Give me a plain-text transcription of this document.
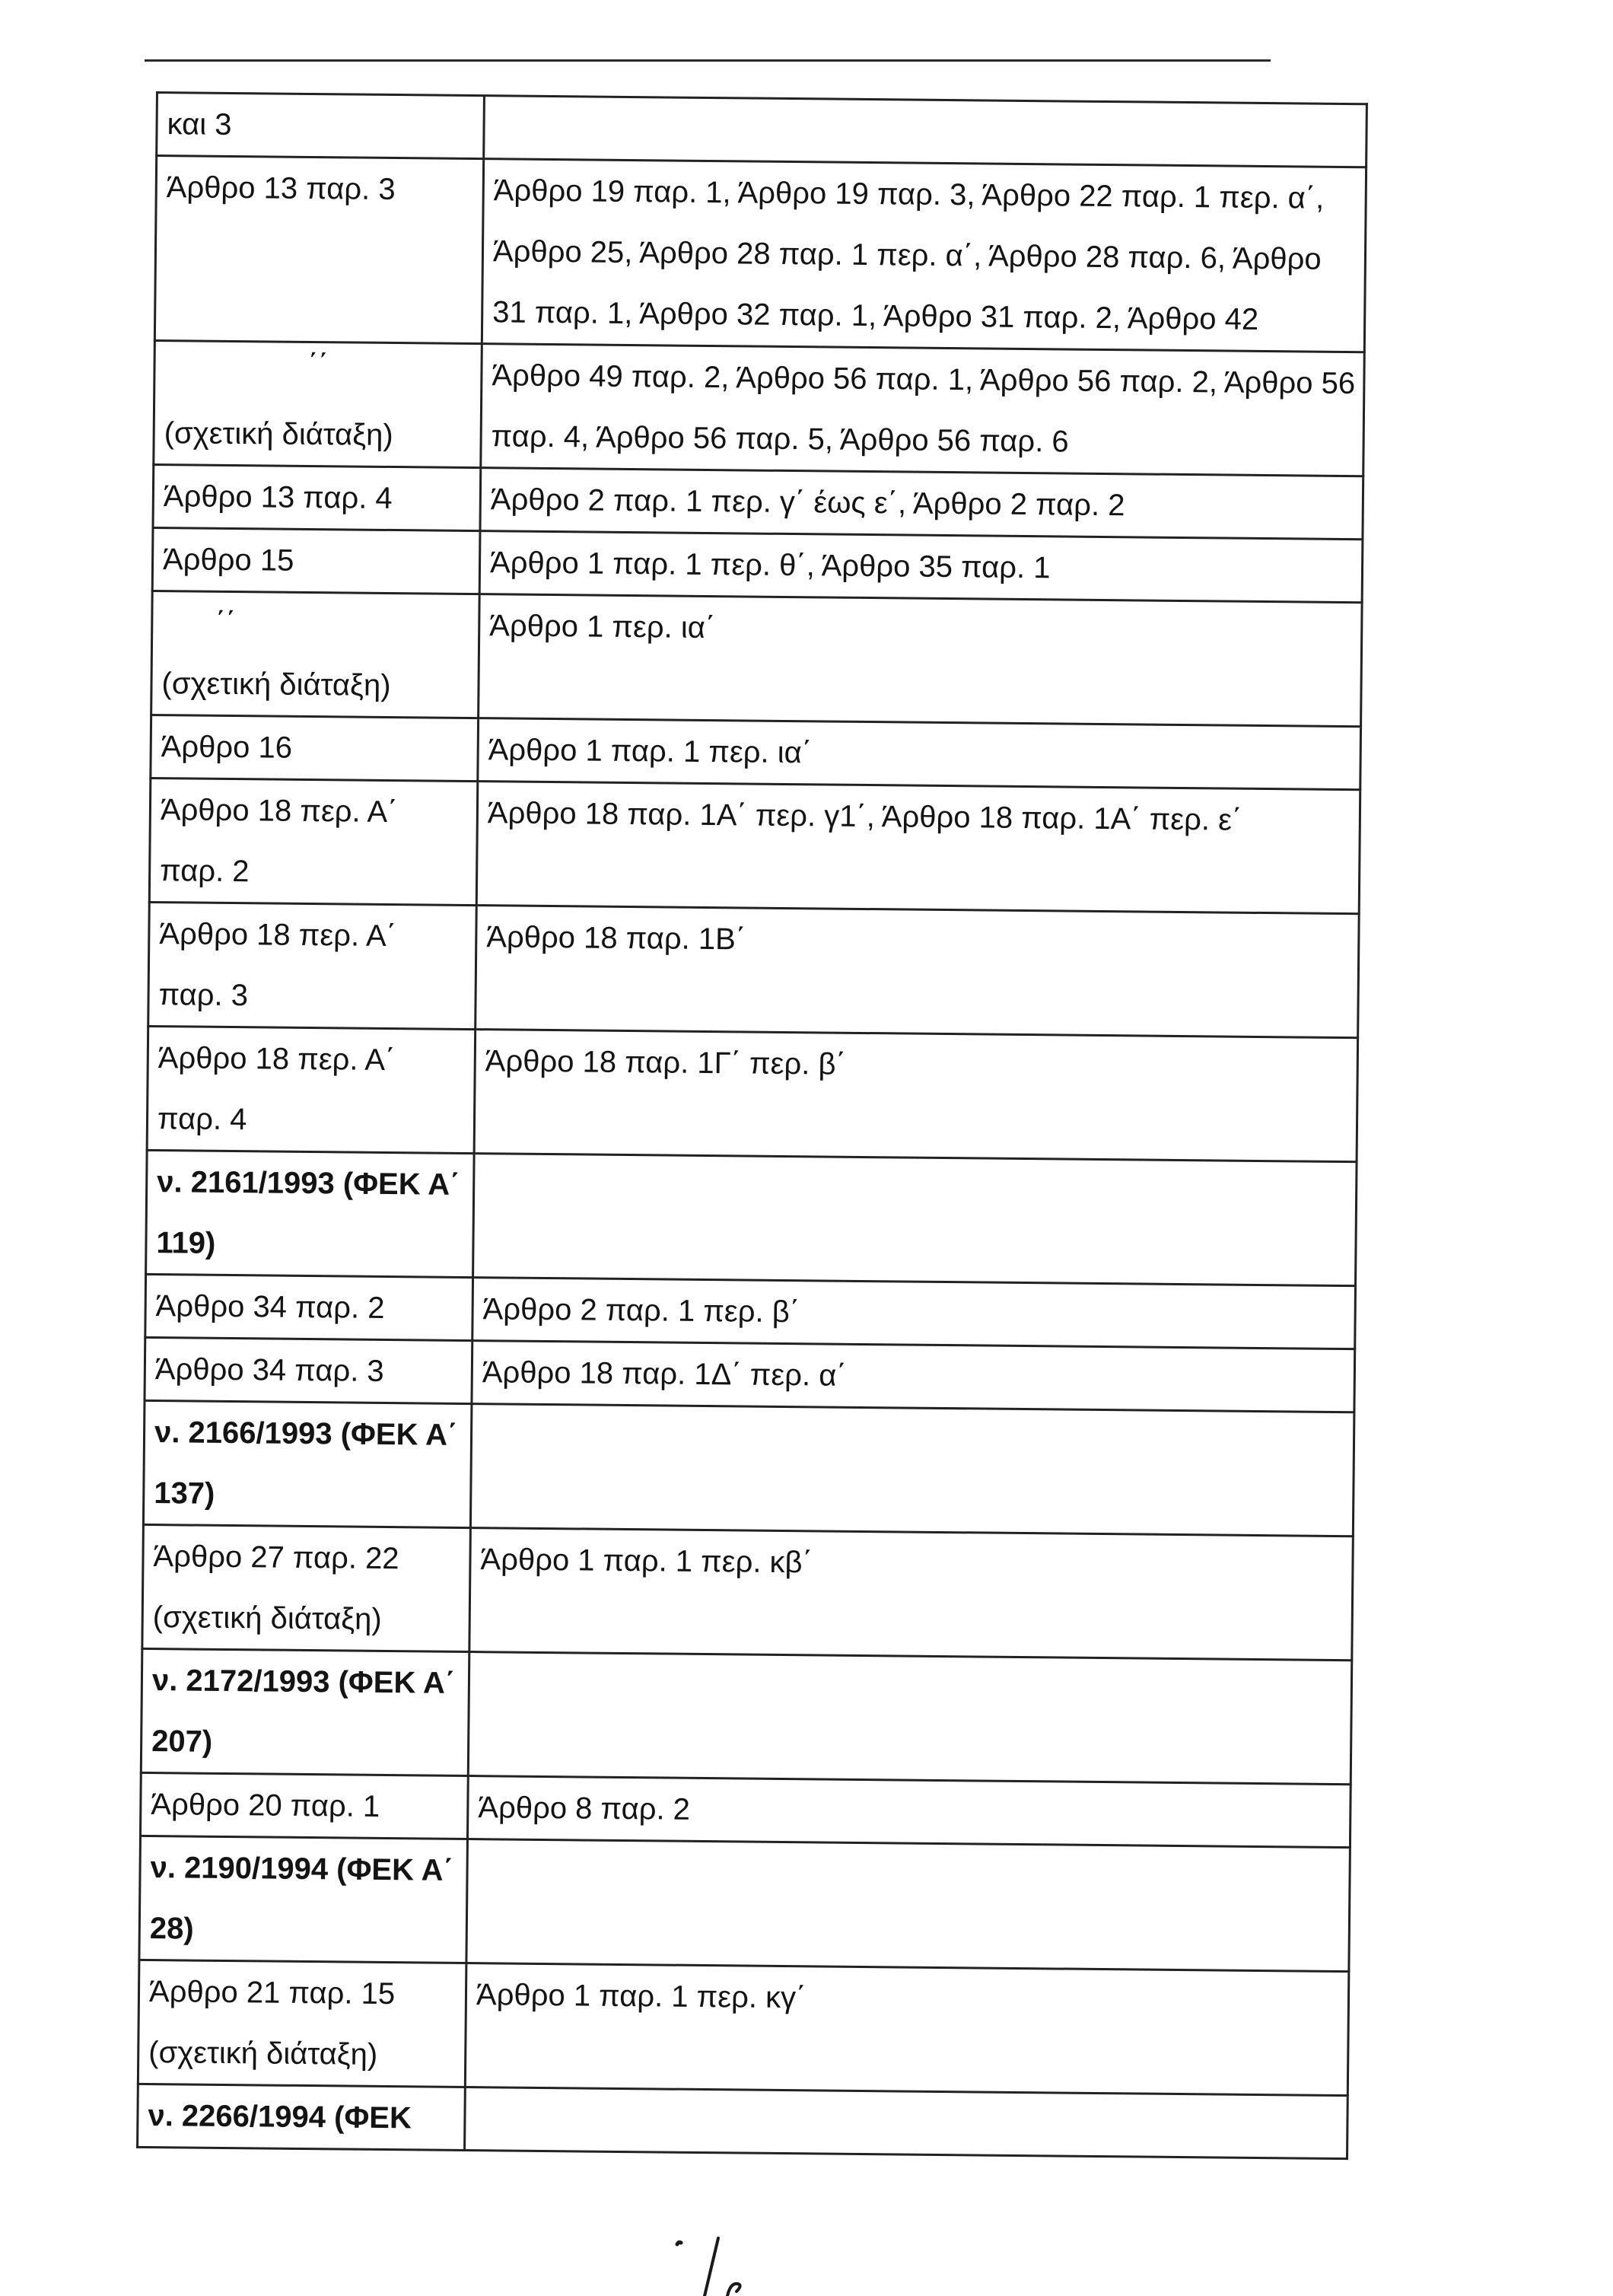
και 3	
Άρθρο 13 παρ. 3	Άρθρο 19 παρ. 1, Άρθρο 19 παρ. 3, Άρθρο 22 παρ. 1 περ. α΄, Άρθρο 25, Άρθρο 28 παρ. 1 περ. α΄, Άρθρο 28 παρ. 6, Άρθρο 31 παρ. 1, Άρθρο 32 παρ. 1, Άρθρο 31 παρ. 2, Άρθρο 42

΄΄
(σχετική διάταξη)	Άρθρο 49 παρ. 2, Άρθρο 56 παρ. 1, Άρθρο 56 παρ. 2, Άρθρο 56 παρ. 4, Άρθρο 56 παρ. 5, Άρθρο 56 παρ. 6
Άρθρο 13 παρ. 4	Άρθρο 2 παρ. 1 περ. γ΄ έως ε΄, Άρθρο 2 παρ. 2
Άρθρο 15	Άρθρο 1 παρ. 1 περ. θ΄, Άρθρο 35 παρ. 1
΄΄(σχετική διάταξη)	Άρθρο 1 περ. ια΄
Άρθρο 16	Άρθρο 1 παρ. 1 περ. ια΄
Άρθρο 18 περ. Α΄ παρ. 2	Άρθρο 18 παρ. 1Α΄ περ. γ1΄, Άρθρο 18 παρ. 1Α΄ περ. ε΄
Άρθρο 18 περ. Α΄ παρ. 3	Άρθρο 18 παρ. 1Β΄
Άρθρο 18 περ. Α΄ παρ. 4	Άρθρο 18 παρ. 1Γ΄ περ. β΄
ν. 2161/1993 (ΦΕΚ Α΄ 119)	
Άρθρο 34 παρ. 2	Άρθρο 2 παρ. 1 περ. β΄
Άρθρο 34 παρ. 3	Άρθρο 18 παρ. 1Δ΄ περ. α΄
ν. 2166/1993 (ΦΕΚ Α΄ 137)	
Άρθρο 27 παρ. 22 (σχετική διάταξη)	Άρθρο 1 παρ. 1 περ. κβ΄
ν. 2172/1993 (ΦΕΚ Α΄ 207)	
Άρθρο 20 παρ. 1	Άρθρο 8 παρ. 2
ν. 2190/1994 (ΦΕΚ Α΄ 28)	
Άρθρο 21 παρ. 15 (σχετική διάταξη)	Άρθρο 1 παρ. 1 περ. κγ΄
ν. 2266/1994 (ΦΕΚ	
